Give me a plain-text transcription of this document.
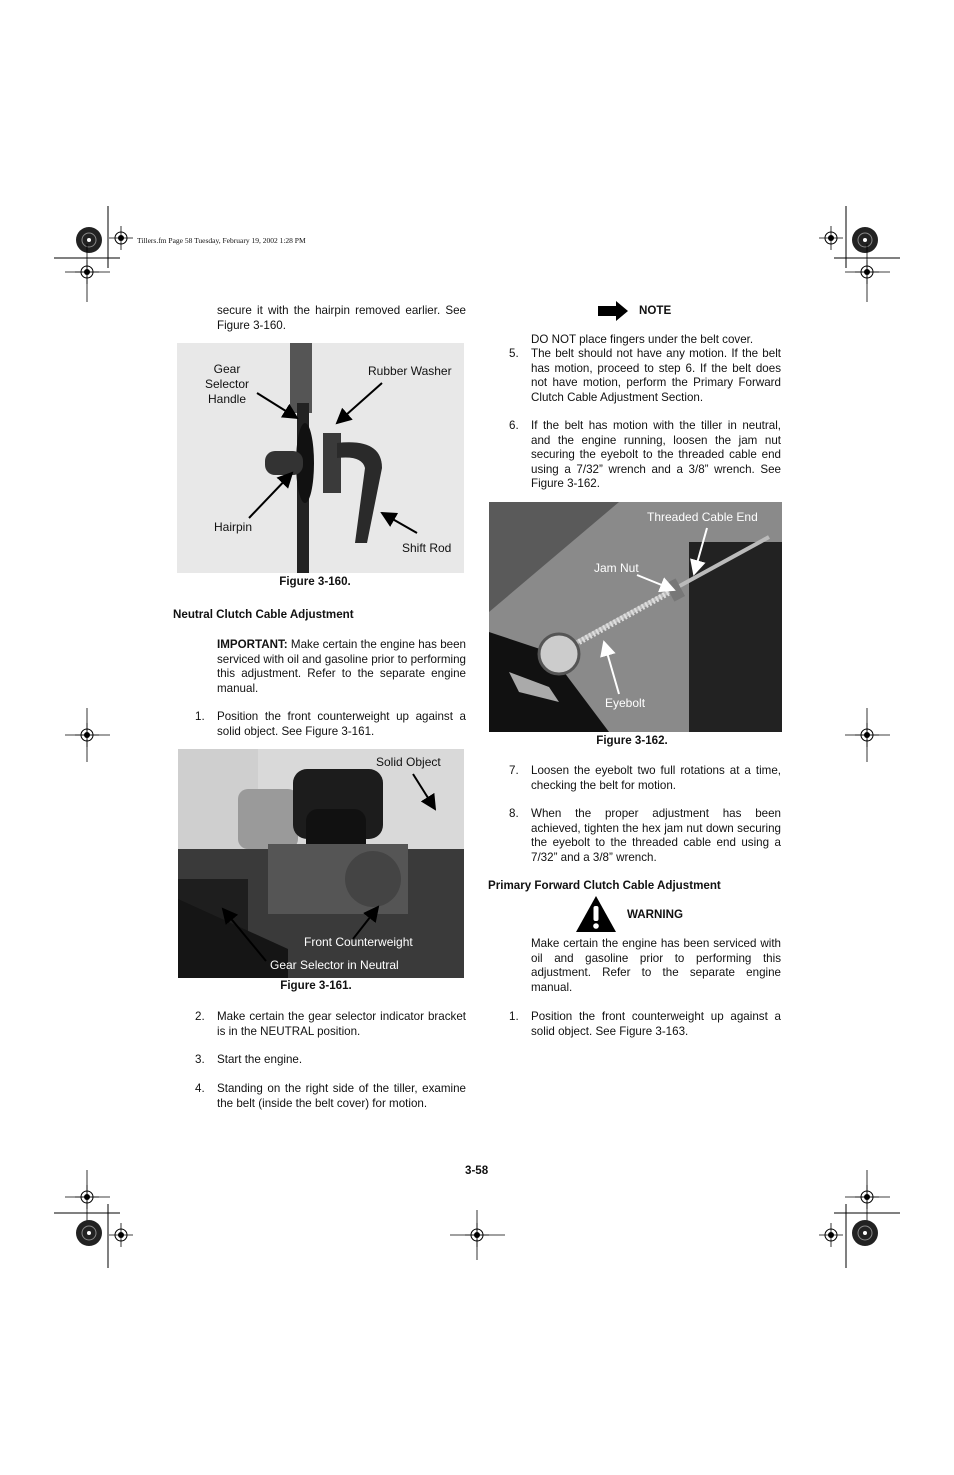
Tillers.fm Page 58 Tuesday, February 19, 2002 1:28 PM

secure it with the hairpin removed earlier. See Figure 3-160.

Gear Selector Handle
Rubber Washer
Hairpin
Shift Rod
Figure 3-160.
Neutral Clutch Cable Adjustment

IMPORTANT: Make certain the engine has been serviced with oil and gasoline prior to performing this adjustment. Refer to the separate engine manual.

1. Position the front counterweight up against a solid object. See Figure 3-161.

Solid Object
Front Counterweight
Gear Selector in Neutral
Figure 3-161.
2. Make certain the gear selector indicator bracket is in the NEUTRAL position.

3. Start the engine.

4. Standing on the right side of the tiller, examine the belt (inside the belt cover) for motion.

NOTE

DO NOT place fingers under the belt cover.

5. The belt should not have any motion. If the belt has motion, proceed to step 6. If the belt does not have motion, perform the Primary Forward Clutch Cable Adjustment Section.

6. If the belt has motion with the tiller in neutral, and the engine running, loosen the jam nut securing the eyebolt to the threaded cable end using a 7/32” wrench and a 3/8” wrench. See Figure 3-162.

Threaded Cable End
Jam Nut
Eyebolt
Figure 3-162.
7. Loosen the eyebolt two full rotations at a time, checking the belt for motion.

8. When the proper adjustment has been achieved, tighten the hex jam nut down securing the eyebolt to the threaded cable end using a 7/32” and a 3/8” wrench.

Primary Forward Clutch Cable Adjustment
WARNING

Make certain the engine has been serviced with oil and gasoline prior to performing this adjustment. Refer to the separate engine manual.

1. Position the front counterweight up against a solid object. See Figure 3-163.

3-58
